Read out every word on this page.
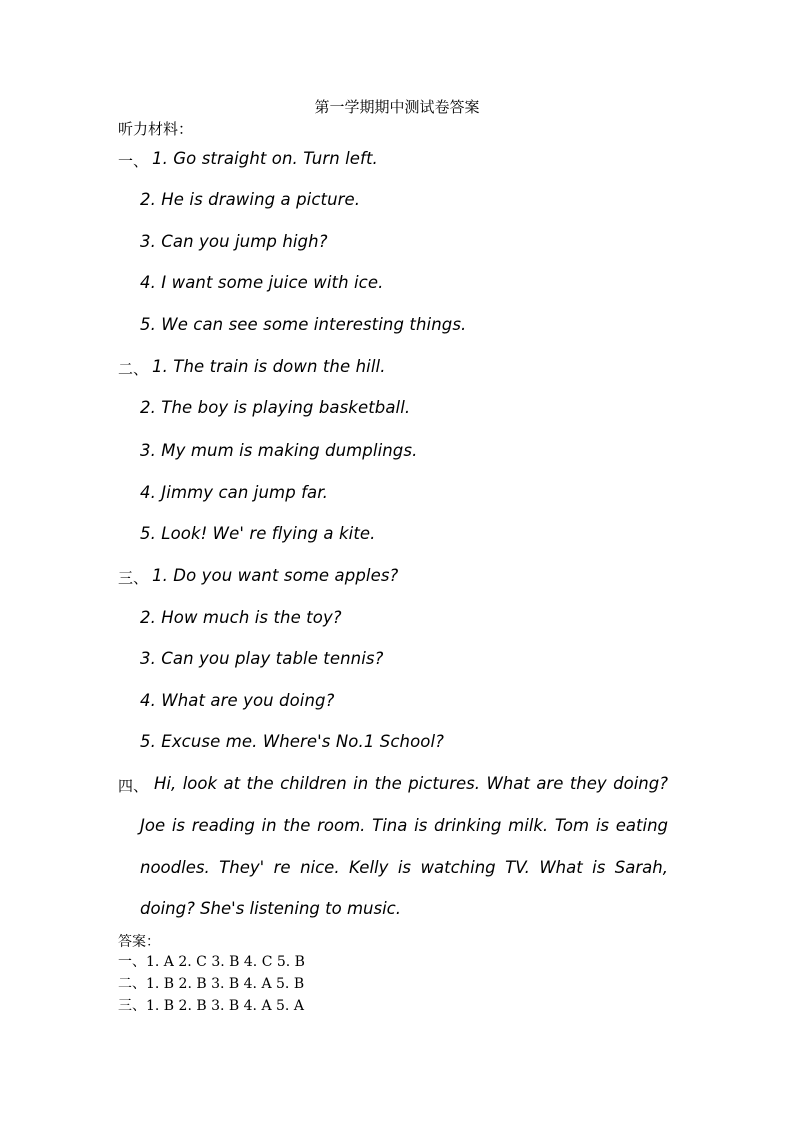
第一学期期中测试卷答案
听力材料：
一、 1. Go straight on. Turn left.
2. He is drawing a picture.
3. Can you jump high?
4. I want some juice with ice.
5. We can see some interesting things.
二、 1. The train is down the hill.
2. The boy is playing basketball.
3. My mum is making dumplings.
4. Jimmy can jump far.
5. Look! We' re flying a kite.
三、 1. Do you want some apples?
2. How much is the toy?
3. Can you play table tennis?
4. What are you doing?
5. Excuse me. Where's No.1 School?
四、 Hi, look at the children in the pictures. What are they doing?
Joe is reading in the room. Tina is drinking milk. Tom is eating noodles. They' re nice. Kelly is watching TV. What is Sarah, doing? She's listening to music.
答案：
一、1. A 2. C 3. B 4. C 5. B
二、1. B 2. B 3. B 4. A 5. B
三、1. B 2. B 3. B 4. A 5. A
